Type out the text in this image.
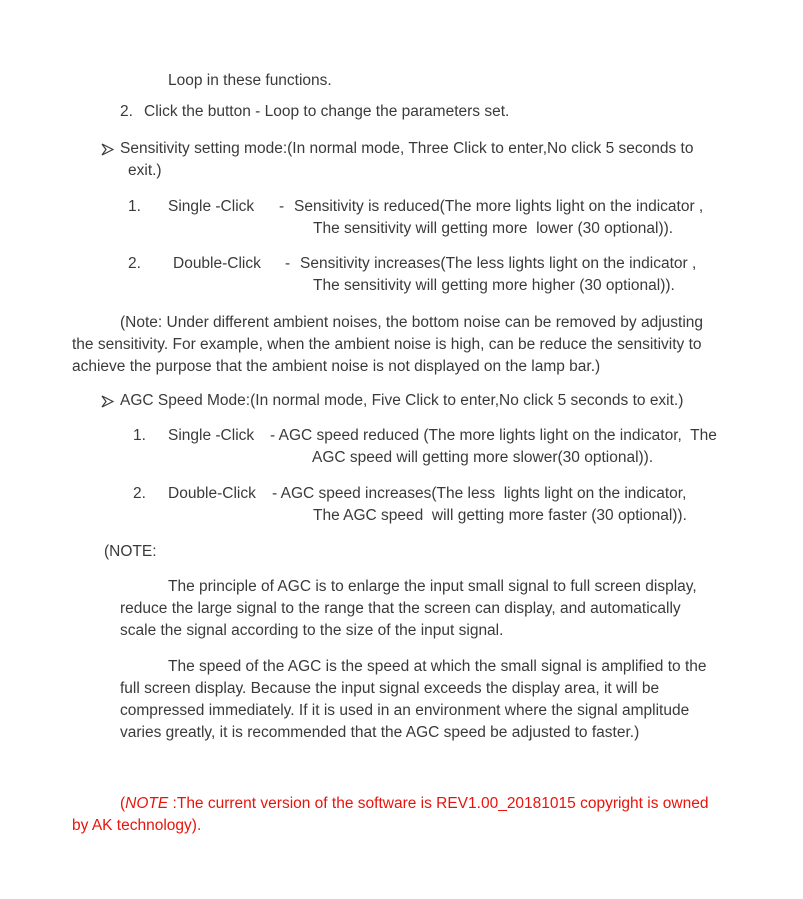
Loop in these functions.
2. Click the button - Loop to change the parameters set.
Sensitivity setting mode:(In normal mode, Three Click to enter,No click 5 seconds to
exit.)
1. Single -Click - Sensitivity is reduced(The more lights light on the indicator ,
The sensitivity will getting more  lower (30 optional)).
2. Double-Click - Sensitivity increases(The less lights light on the indicator ,
The sensitivity will getting more higher (30 optional)).
(Note: Under different ambient noises, the bottom noise can be removed by adjusting
the sensitivity. For example, when the ambient noise is high, can be reduce the sensitivity to
achieve the purpose that the ambient noise is not displayed on the lamp bar.)
AGC Speed Mode:(In normal mode, Five Click to enter,No click 5 seconds to exit.)
1. Single -Click - AGC speed reduced (The more lights light on the indicator,  The
AGC speed will getting more slower(30 optional)).
2. Double-Click - AGC speed increases(The less  lights light on the indicator,
The AGC speed  will getting more faster (30 optional)).
(NOTE:
The principle of AGC is to enlarge the input small signal to full screen display,
reduce the large signal to the range that the screen can display, and automatically
scale the signal according to the size of the input signal.
The speed of the AGC is the speed at which the small signal is amplified to the
full screen display. Because the input signal exceeds the display area, it will be
compressed immediately. If it is used in an environment where the signal amplitude
varies greatly, it is recommended that the AGC speed be adjusted to faster.)
(NOTE :The current version of the software is REV1.00_20181015 copyright is owned
by AK technology).
